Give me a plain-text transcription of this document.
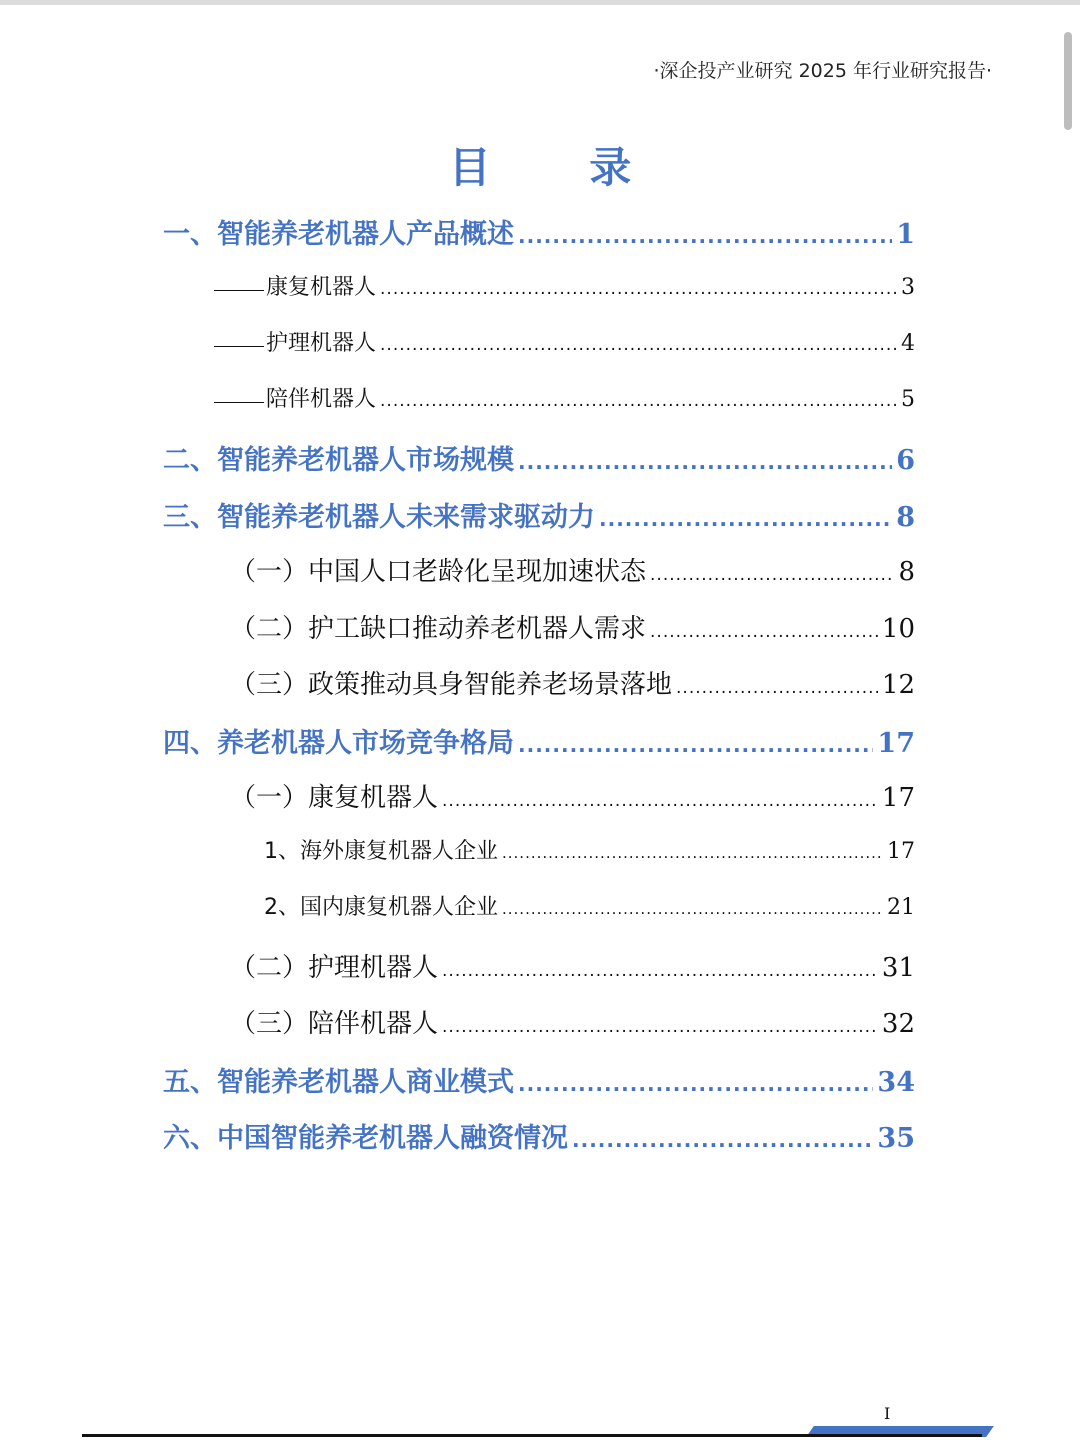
·深企投产业研究 2025 年行业研究报告·
目 录
一、智能养老机器人产品概述 .....	1
康复机器人 .....	3
护理机器人 .....	4
陪伴机器人 .....	5
二、智能养老机器人市场规模 .....	6
三、智能养老机器人未来需求驱动力 .....	8
（一）中国人口老龄化呈现加速状态 .....	8
（二）护工缺口推动养老机器人需求 .....	10
（三）政策推动具身智能养老场景落地 .....	12
四、养老机器人市场竞争格局 .....	17
（一）康复机器人 .....	17
1、海外康复机器人企业 .....	17
2、国内康复机器人企业 .....	21
（二）护理机器人 .....	31
（三）陪伴机器人 .....	32
五、智能养老机器人商业模式 .....	34
六、中国智能养老机器人融资情况 .....	35
I
